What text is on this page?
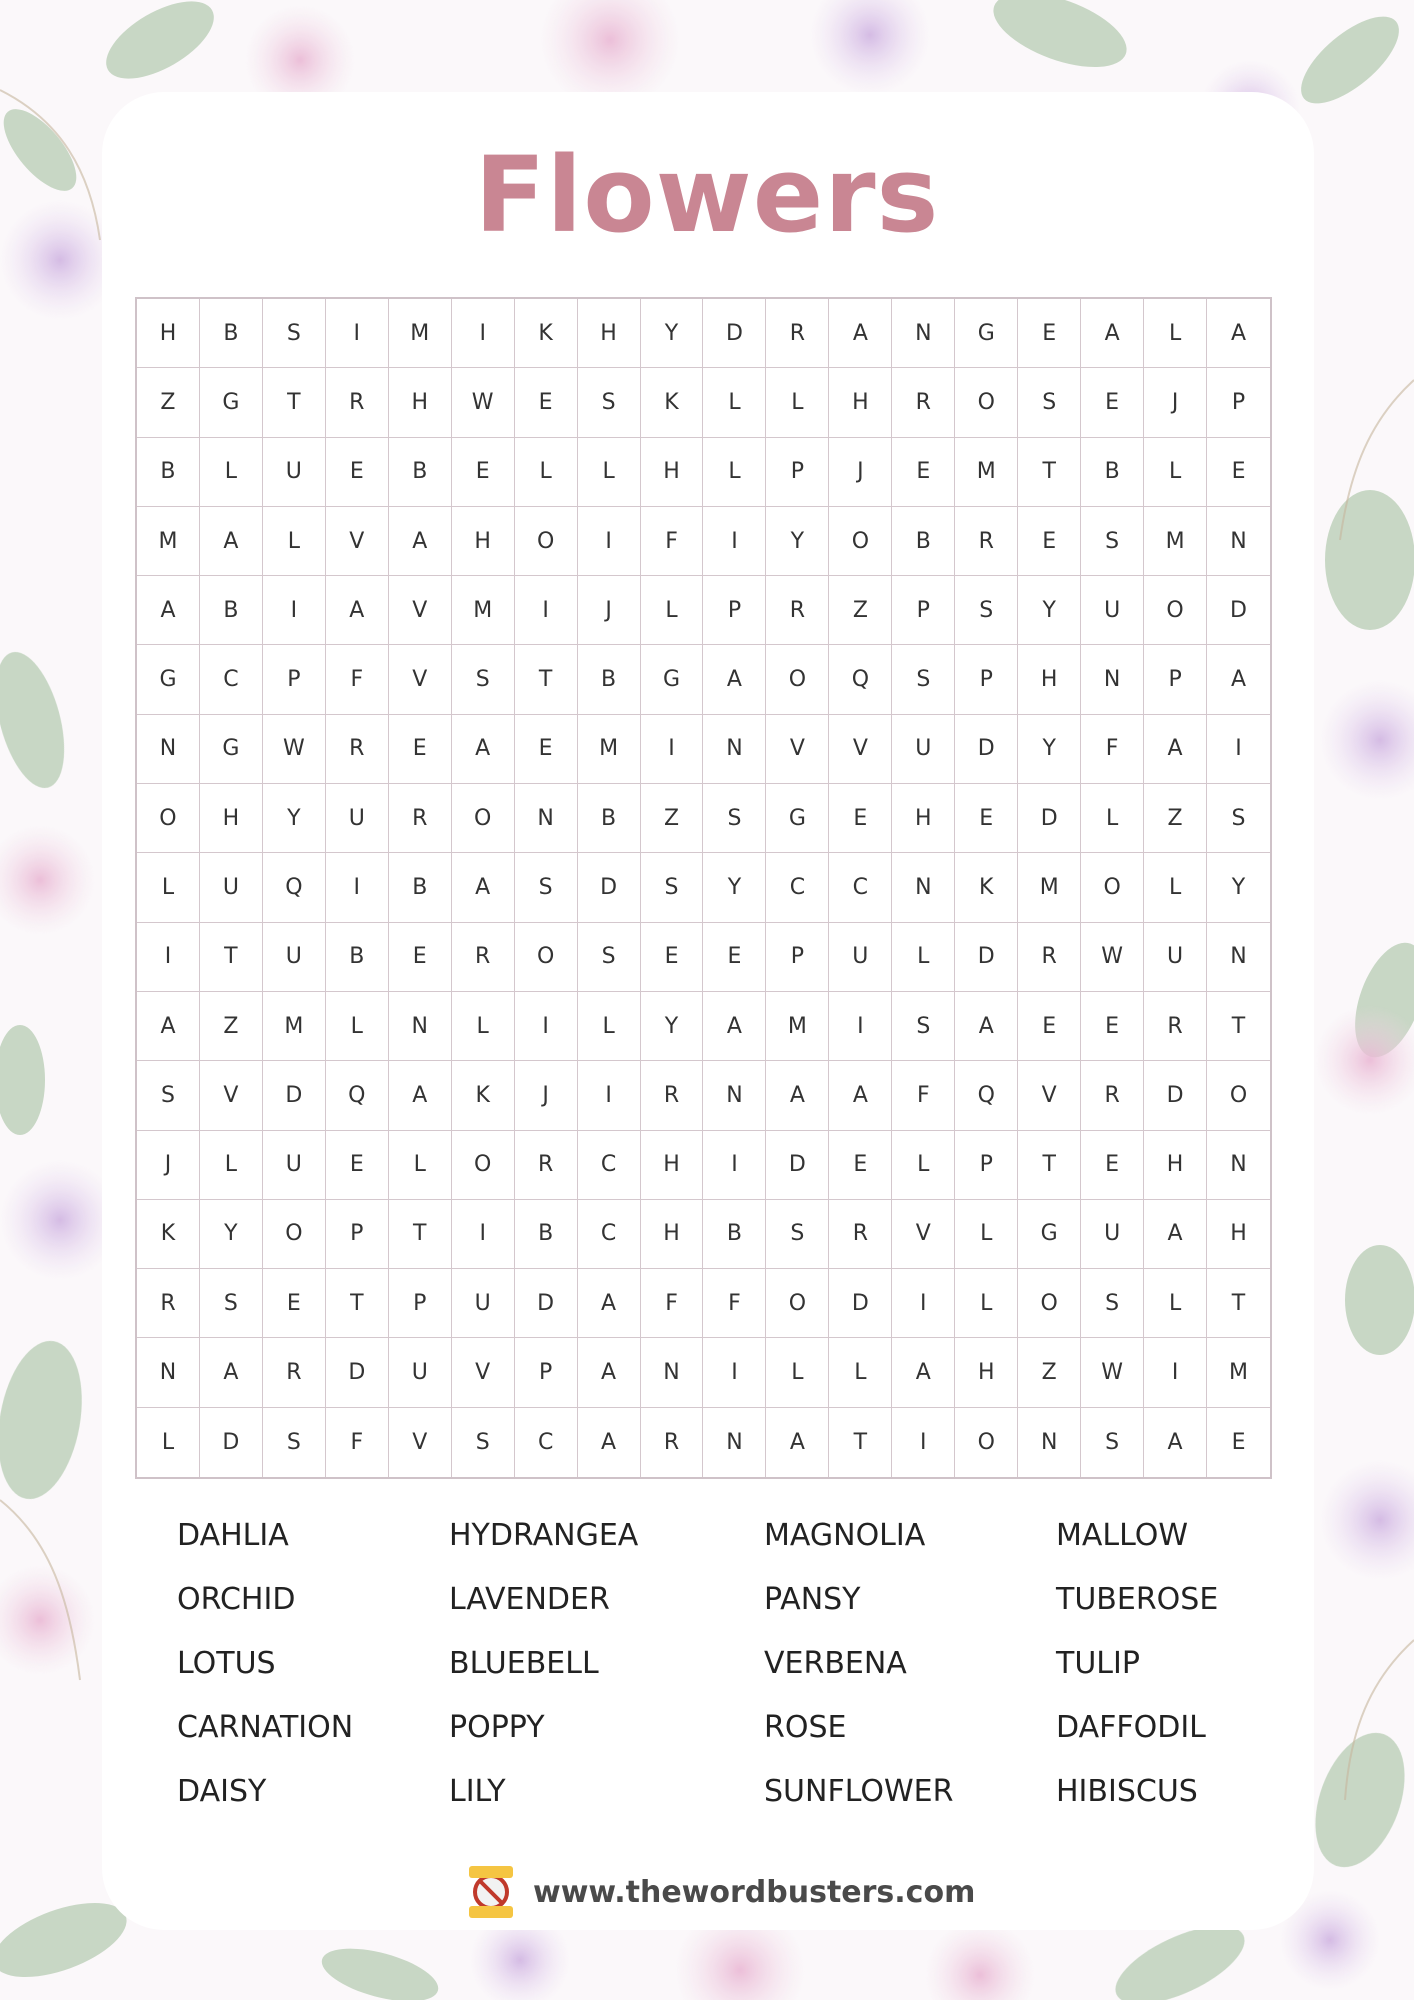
Flowers
H	B	S	I	M	I	K	H	Y	D	R	A	N	G	E	A	L	A
Z	G	T	R	H	W	E	S	K	L	L	H	R	O	S	E	J	P
B	L	U	E	B	E	L	L	H	L	P	J	E	M	T	B	L	E
M	A	L	V	A	H	O	I	F	I	Y	O	B	R	E	S	M	N
A	B	I	A	V	M	I	J	L	P	R	Z	P	S	Y	U	O	D
G	C	P	F	V	S	T	B	G	A	O	Q	S	P	H	N	P	A
N	G	W	R	E	A	E	M	I	N	V	V	U	D	Y	F	A	I
O	H	Y	U	R	O	N	B	Z	S	G	E	H	E	D	L	Z	S
L	U	Q	I	B	A	S	D	S	Y	C	C	N	K	M	O	L	Y
I	T	U	B	E	R	O	S	E	E	P	U	L	D	R	W	U	N
A	Z	M	L	N	L	I	L	Y	A	M	I	S	A	E	E	R	T
S	V	D	Q	A	K	J	I	R	N	A	A	F	Q	V	R	D	O
J	L	U	E	L	O	R	C	H	I	D	E	L	P	T	E	H	N
K	Y	O	P	T	I	B	C	H	B	S	R	V	L	G	U	A	H
R	S	E	T	P	U	D	A	F	F	O	D	I	L	O	S	L	T
N	A	R	D	U	V	P	A	N	I	L	L	A	H	Z	W	I	M
L	D	S	F	V	S	C	A	R	N	A	T	I	O	N	S	A	E
DAHLIA
ORCHID
LOTUS
CARNATION
DAISY
HYDRANGEA
LAVENDER
BLUEBELL
POPPY
LILY
MAGNOLIA
PANSY
VERBENA
ROSE
SUNFLOWER
MALLOW
TUBEROSE
TULIP
DAFFODIL
HIBISCUS
www.thewordbusters.com
